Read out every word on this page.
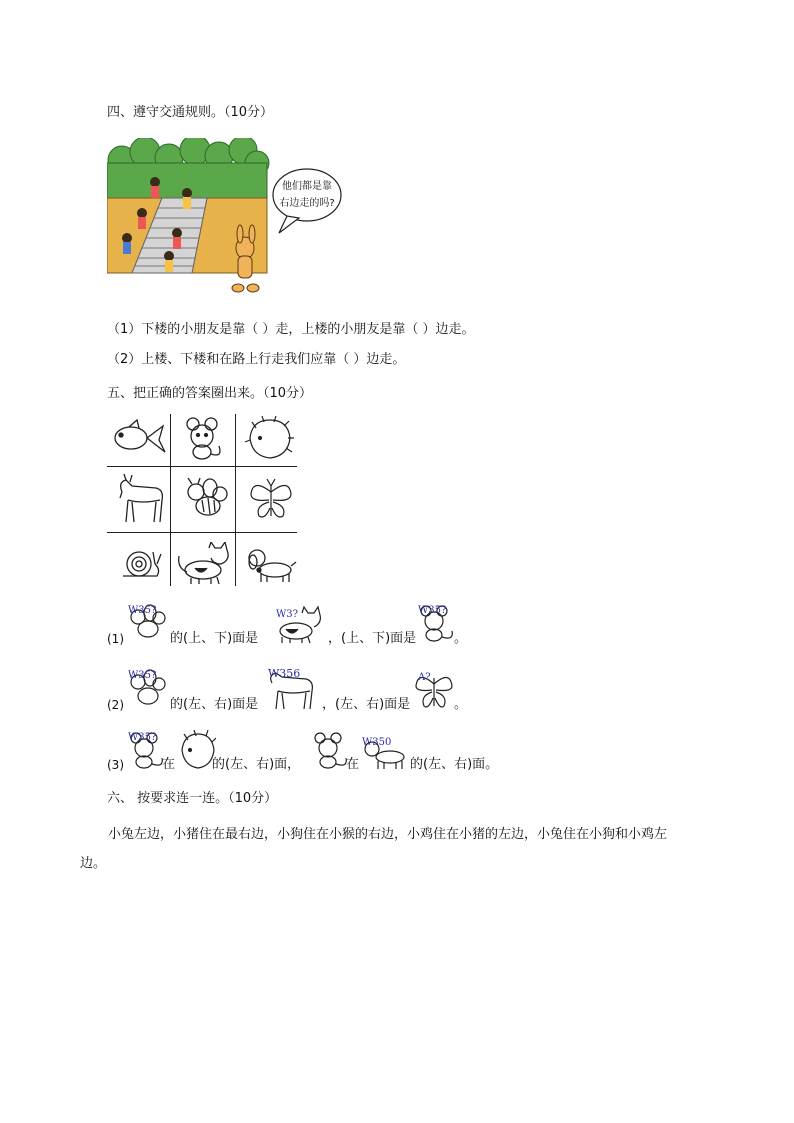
四、遵守交通规则。（10分）
他们都是靠
右边走的吗?
（1）下楼的小朋友是靠（ ）走，上楼的小朋友是靠（ ）边走。
（2）上楼、下楼和在路上行走我们应靠（ ）边走。
五、把正确的答案圈出来。（10分）
(1)
W35?
的(上、下)面是
W3?
，(上、下)面是
W35?
。
(2)
W35?
的(左、右)面是
W356
，(左、右)面是
A?
。
(3)
W35?
在	的(左、右)面，	在
W350
的(左、右)面。
六、 按要求连一连。（10分）
小兔左边，小猪住在最右边，小狗住在小猴的右边，小鸡住在小猪的左边，小兔住在小狗和小鸡左边。
